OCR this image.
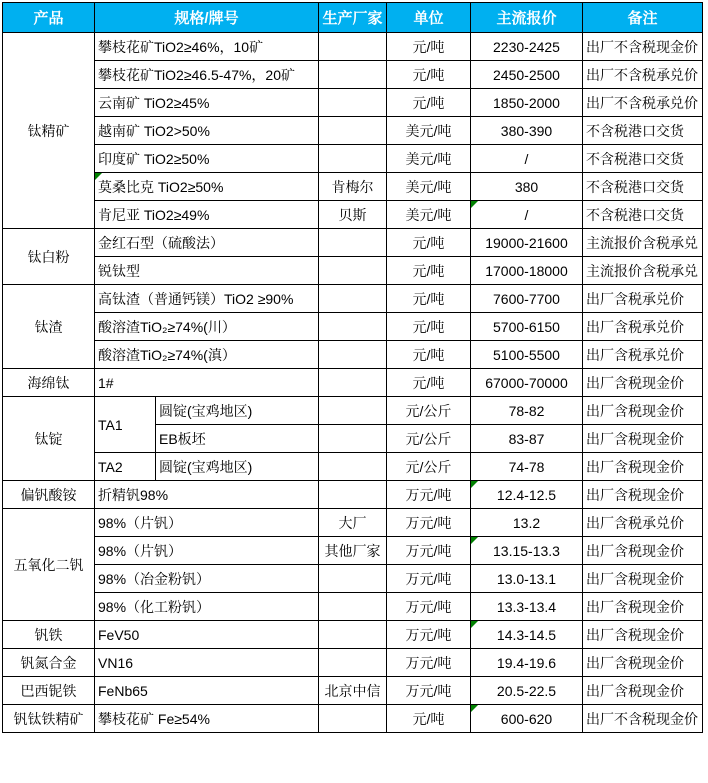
产品	规格/牌号		生产厂家	单位	主流报价	备注
钛精矿	攀枝花矿TiO2≥46%，10矿			元/吨	2230-2425	出厂不含税现金价
	攀枝花矿TiO2≥46.5-47%，20矿			元/吨	2450-2500	出厂不含税承兑价
	云南矿 TiO2≥45%			元/吨	1850-2000	出厂不含税承兑价
	越南矿 TiO2>50%			美元/吨	380-390	不含税港口交货
	印度矿 TiO2≥50%			美元/吨	/	不含税港口交货
	莫桑比克 TiO2≥50%		肯梅尔	美元/吨	380	不含税港口交货
	肯尼亚 TiO2≥49%		贝斯	美元/吨	/	不含税港口交货
钛白粉	金红石型（硫酸法）			元/吨	19000-21600	主流报价含税承兑
	锐钛型			元/吨	17000-18000	主流报价含税承兑
钛渣	高钛渣（普通钙镁）TiO2 ≥90%			元/吨	7600-7700	出厂含税承兑价
	酸溶渣TiO₂≥74%(川）			元/吨	5700-6150	出厂含税承兑价
	酸溶渣TiO₂≥74%(滇）			元/吨	5100-5500	出厂含税承兑价
海绵钛	1#			元/吨	67000-70000	出厂含税现金价
钛锭	TA1	圆锭(宝鸡地区)		元/公斤	78-82	出厂含税现金价
		EB板坯		元/公斤	83-87	出厂含税现金价
	TA2	圆锭(宝鸡地区)		元/公斤	74-78	出厂含税现金价
偏钒酸铵	折精钒98%			万元/吨	12.4-12.5	出厂含税现金价
五氧化二钒	98%（片钒）		大厂	万元/吨	13.2	出厂含税承兑价
	98%（片钒）		其他厂家	万元/吨	13.15-13.3	出厂含税现金价
	98%（冶金粉钒）			万元/吨	13.0-13.1	出厂含税现金价
	98%（化工粉钒）			万元/吨	13.3-13.4	出厂含税现金价
钒铁	FeV50			万元/吨	14.3-14.5	出厂含税现金价
钒氮合金	VN16			万元/吨	19.4-19.6	出厂含税现金价
巴西铌铁	FeNb65		北京中信	万元/吨	20.5-22.5	出厂含税现金价
钒钛铁精矿	攀枝花矿 Fe≥54%			元/吨	600-620	出厂不含税现金价
